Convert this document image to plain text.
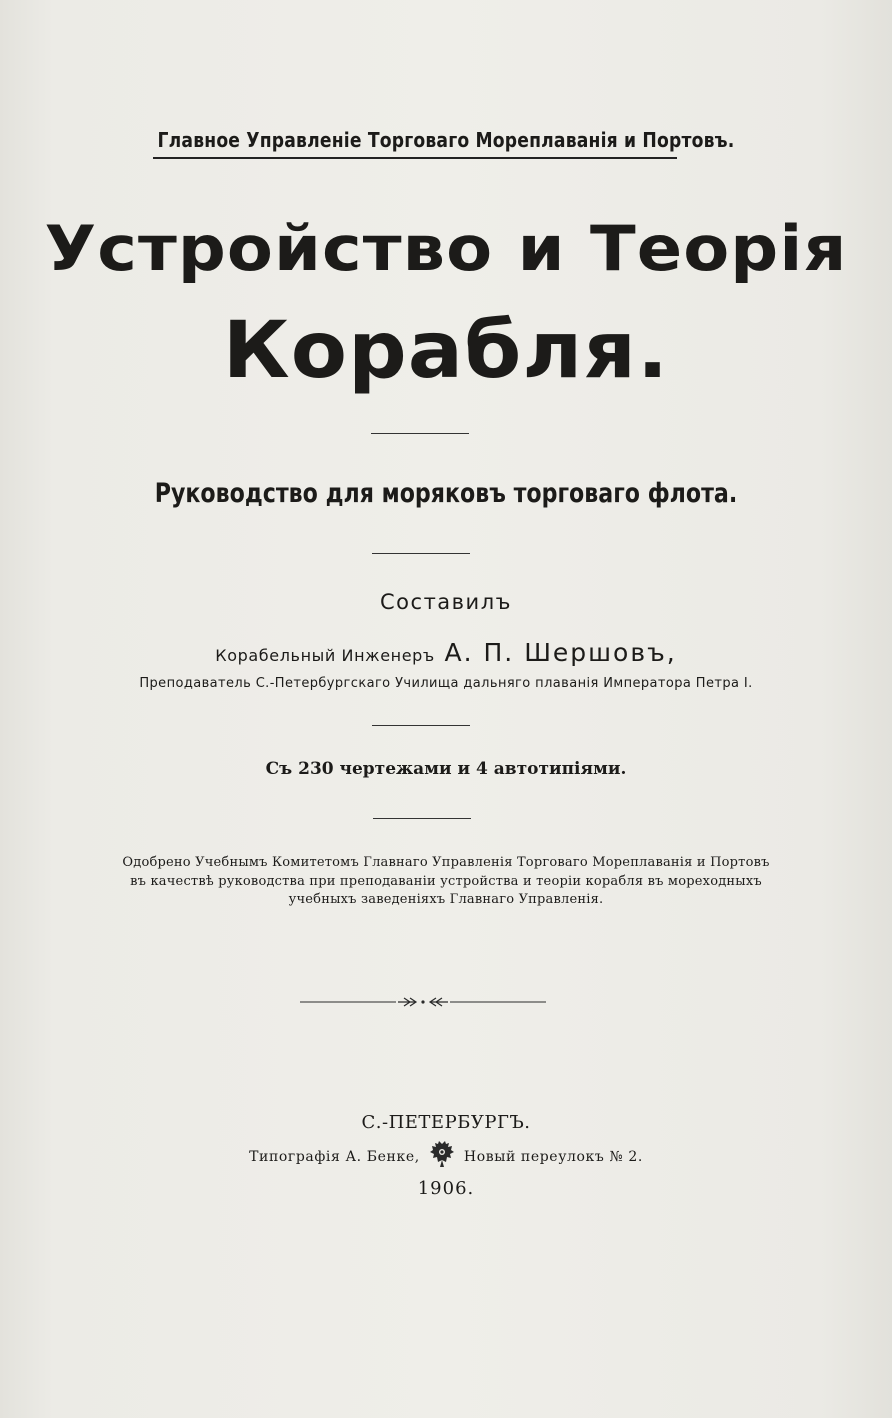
Главное Управленіе Торговаго Мореплаванія и Портовъ.
Устройство и Теорія
Корабля.
Руководство для моряковъ торговаго флота.
Составилъ
Корабельный Инженеръ А. П. Шершовъ,
Преподаватель С.-Петербургскаго Училища дальняго плаванія Императора Петра I.
Съ 230 чертежами и 4 автотипіями.
Одобрено Учебнымъ Комитетомъ Главнаго Управленія Торговаго Мореплаванія и Портовъ
въ качествѣ руководства при преподаваніи устройства и теоріи корабля въ мореходныхъ
учебныхъ заведеніяхъ Главнаго Управленія.
С.-ПЕТЕРБУРГЪ.
Типографія А. Бенке,	Новый переулокъ № 2.
1906.
